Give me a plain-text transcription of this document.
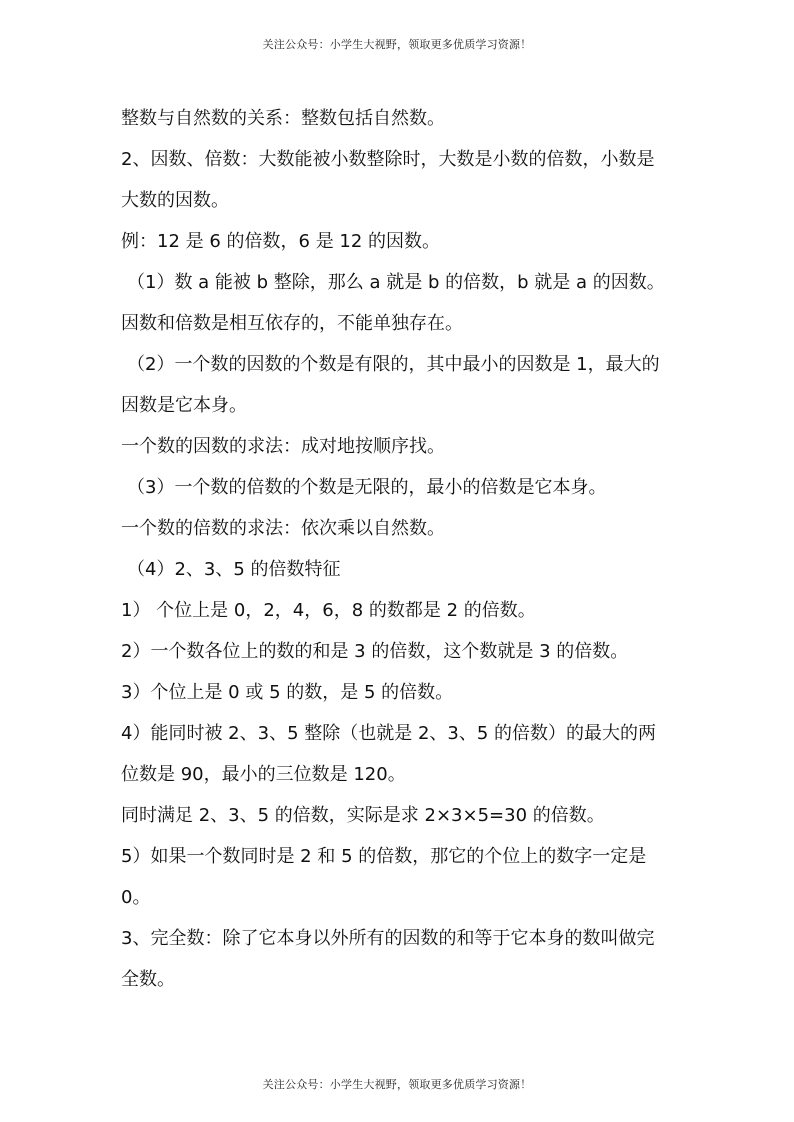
关注公众号：小学生大视野，领取更多优质学习资源！
整数与自然数的关系：整数包括自然数。
2、因数、倍数：大数能被小数整除时，大数是小数的倍数，小数是
大数的因数。
例：12 是 6 的倍数，6 是 12 的因数。
（1）数 a 能被 b 整除，那么 a 就是 b 的倍数，b 就是 a 的因数。
因数和倍数是相互依存的，不能单独存在。
（2）一个数的因数的个数是有限的，其中最小的因数是 1，最大的
因数是它本身。
一个数的因数的求法：成对地按顺序找。
（3）一个数的倍数的个数是无限的，最小的倍数是它本身。
一个数的倍数的求法：依次乘以自然数。
（4）2、3、5 的倍数特征
1） 个位上是 0，2，4，6，8 的数都是 2 的倍数。
2）一个数各位上的数的和是 3 的倍数，这个数就是 3 的倍数。
3）个位上是 0 或 5 的数，是 5 的倍数。
4）能同时被 2、3、5 整除（也就是 2、3、5 的倍数）的最大的两
位数是 90，最小的三位数是 120。
同时满足 2、3、5 的倍数，实际是求 2×3×5=30 的倍数。
5）如果一个数同时是 2 和 5 的倍数，那它的个位上的数字一定是
0。
3、完全数：除了它本身以外所有的因数的和等于它本身的数叫做完
全数。
关注公众号：小学生大视野，领取更多优质学习资源！
